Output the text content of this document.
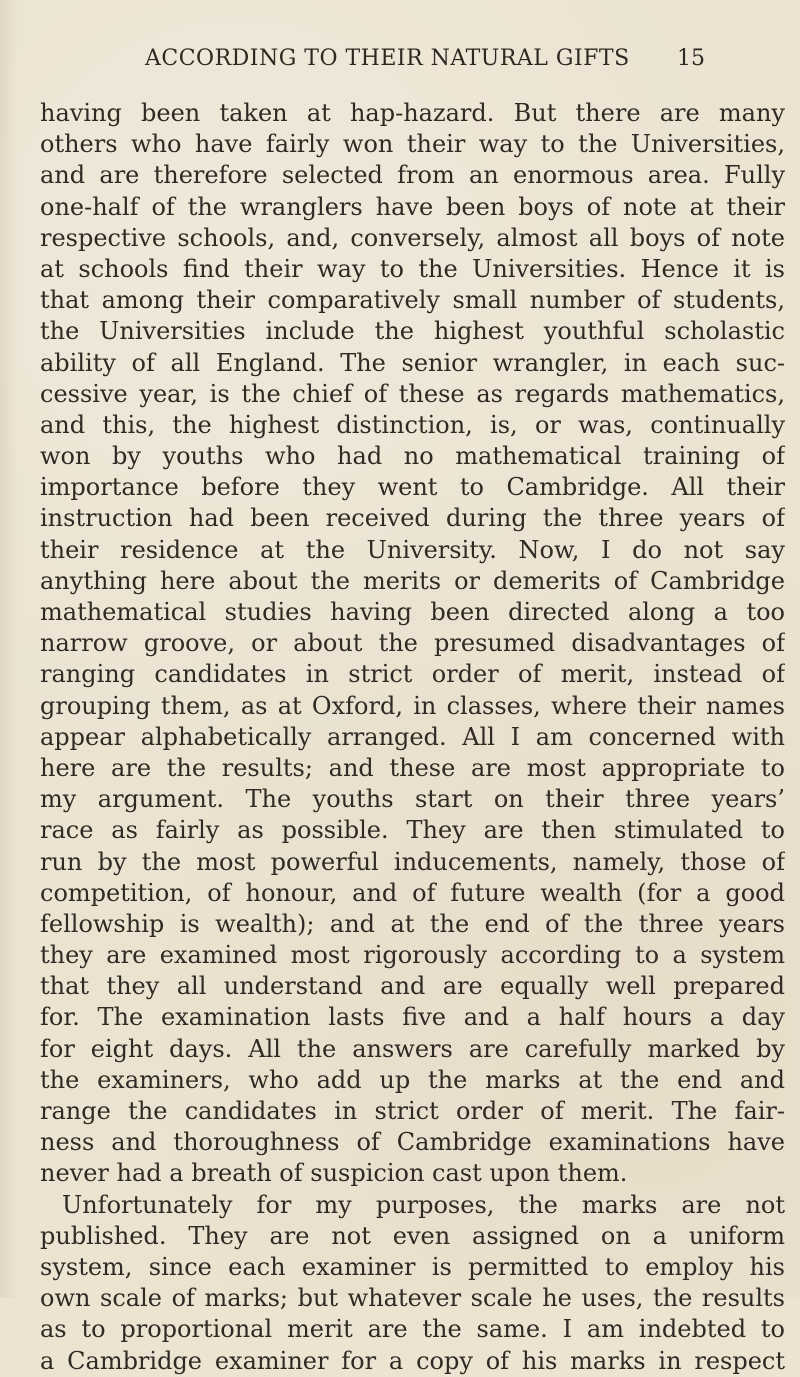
ACCORDING TO THEIR NATURAL GIFTS 15
having been taken at hap-hazard. But there are many
others who have fairly won their way to the Universities,
and are therefore selected from an enormous area. Fully
one-half of the wranglers have been boys of note at their
respective schools, and, conversely, almost all boys of note
at schools find their way to the Universities. Hence it is
that among their comparatively small number of students,
the Universities include the highest youthful scholastic
ability of all England. The senior wrangler, in each suc-
cessive year, is the chief of these as regards mathematics,
and this, the highest distinction, is, or was, continually
won by youths who had no mathematical training of
importance before they went to Cambridge. All their
instruction had been received during the three years of
their residence at the University. Now, I do not say
anything here about the merits or demerits of Cambridge
mathematical studies having been directed along a too
narrow groove, or about the presumed disadvantages of
ranging candidates in strict order of merit, instead of
grouping them, as at Oxford, in classes, where their names
appear alphabetically arranged. All I am concerned with
here are the results; and these are most appropriate to
my argument. The youths start on their three years’
race as fairly as possible. They are then stimulated to
run by the most powerful inducements, namely, those of
competition, of honour, and of future wealth (for a good
fellowship is wealth); and at the end of the three years
they are examined most rigorously according to a system
that they all understand and are equally well prepared
for. The examination lasts five and a half hours a day
for eight days. All the answers are carefully marked by
the examiners, who add up the marks at the end and
range the candidates in strict order of merit. The fair-
ness and thoroughness of Cambridge examinations have
never had a breath of suspicion cast upon them.
Unfortunately for my purposes, the marks are not
published. They are not even assigned on a uniform
system, since each examiner is permitted to employ his
own scale of marks; but whatever scale he uses, the results
as to proportional merit are the same. I am indebted to
a Cambridge examiner for a copy of his marks in respect
